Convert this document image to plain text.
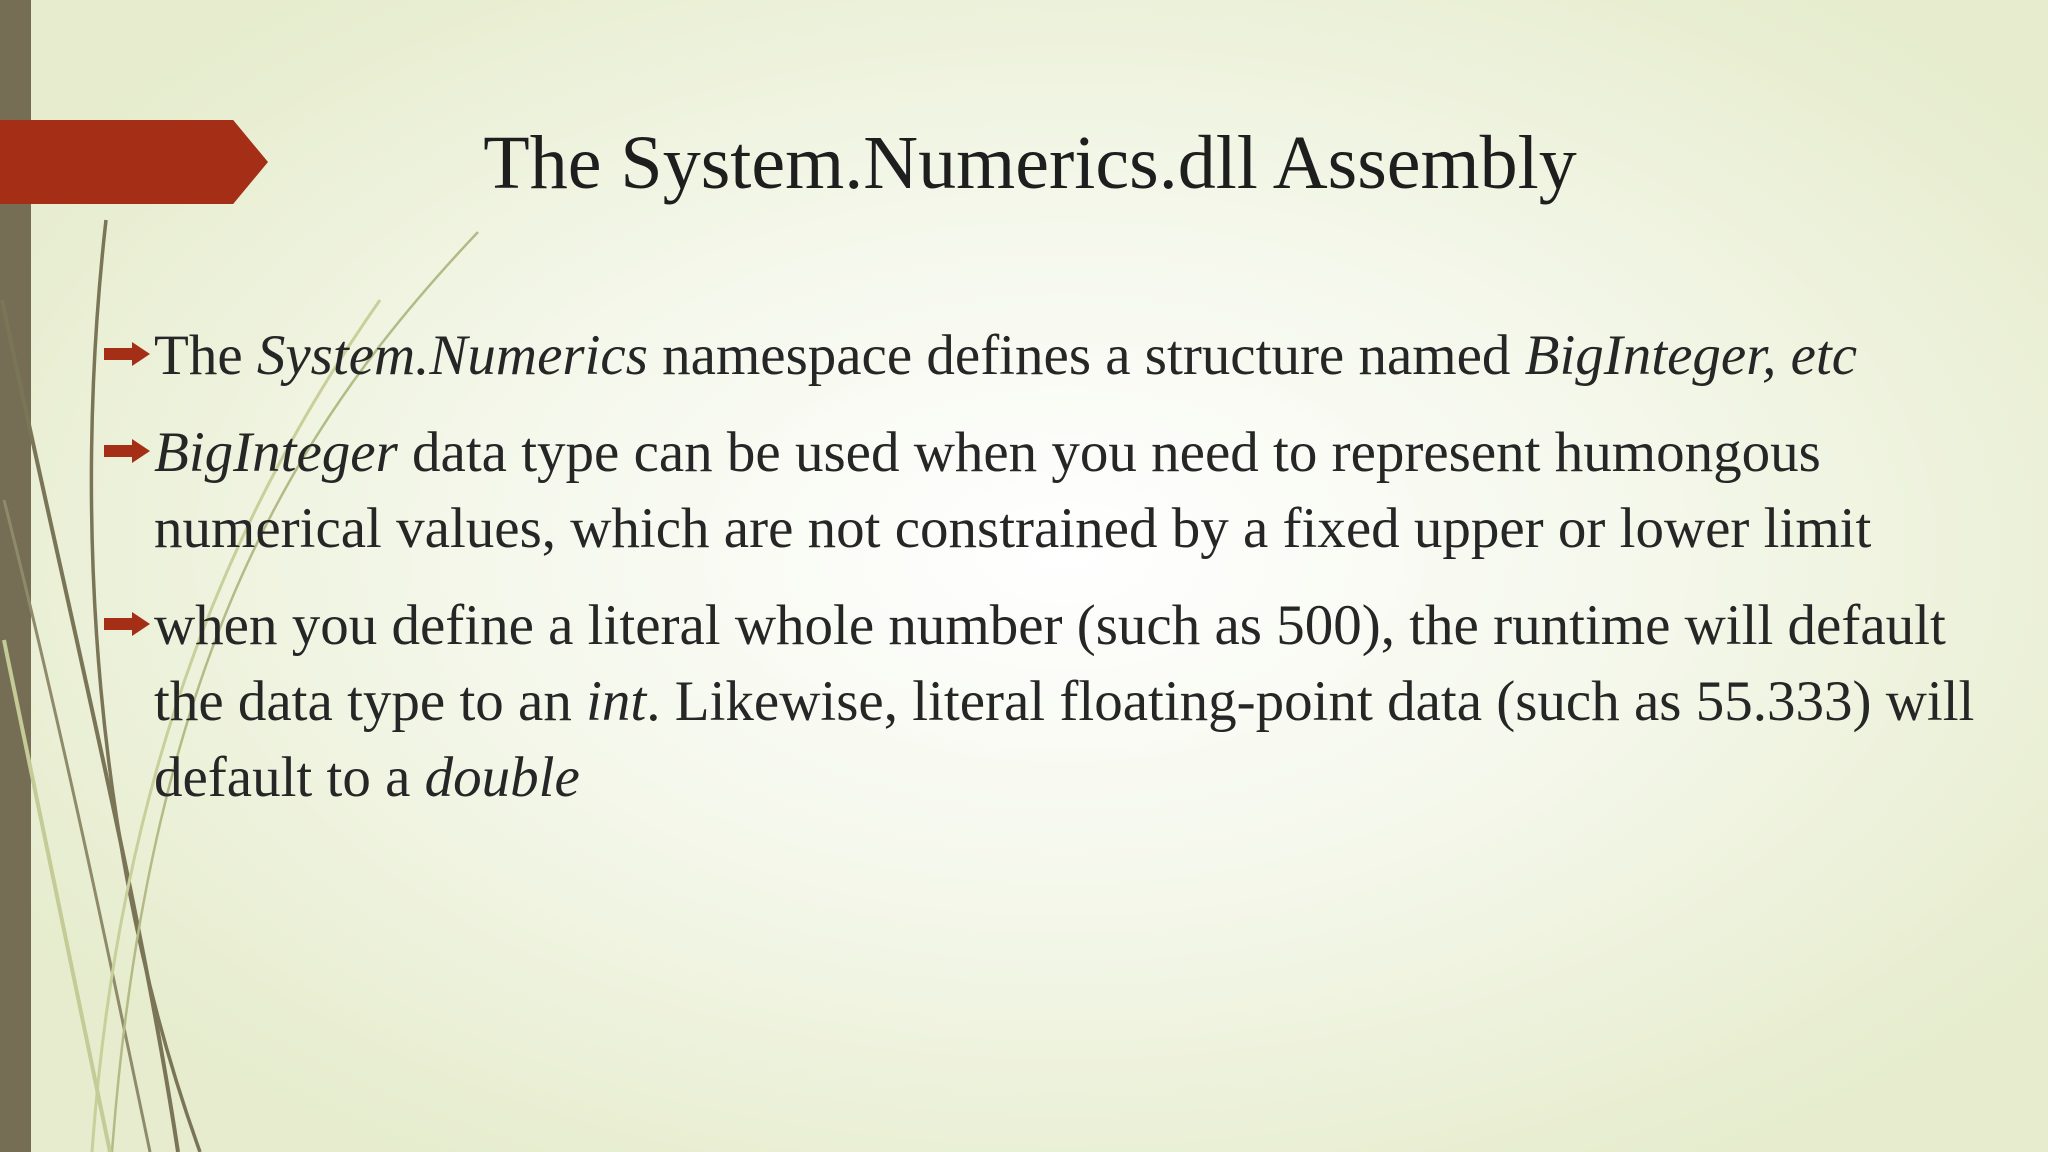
The System.Numerics.dll Assembly

The System.Numerics namespace defines a structure named BigInteger, etc

BigInteger data type can be used when you need to represent humongous numerical values, which are not constrained by a fixed upper or lower limit

when you define a literal whole number (such as 500), the runtime will default the data type to an int. Likewise, literal floating-point data (such as 55.333) will default to a double
